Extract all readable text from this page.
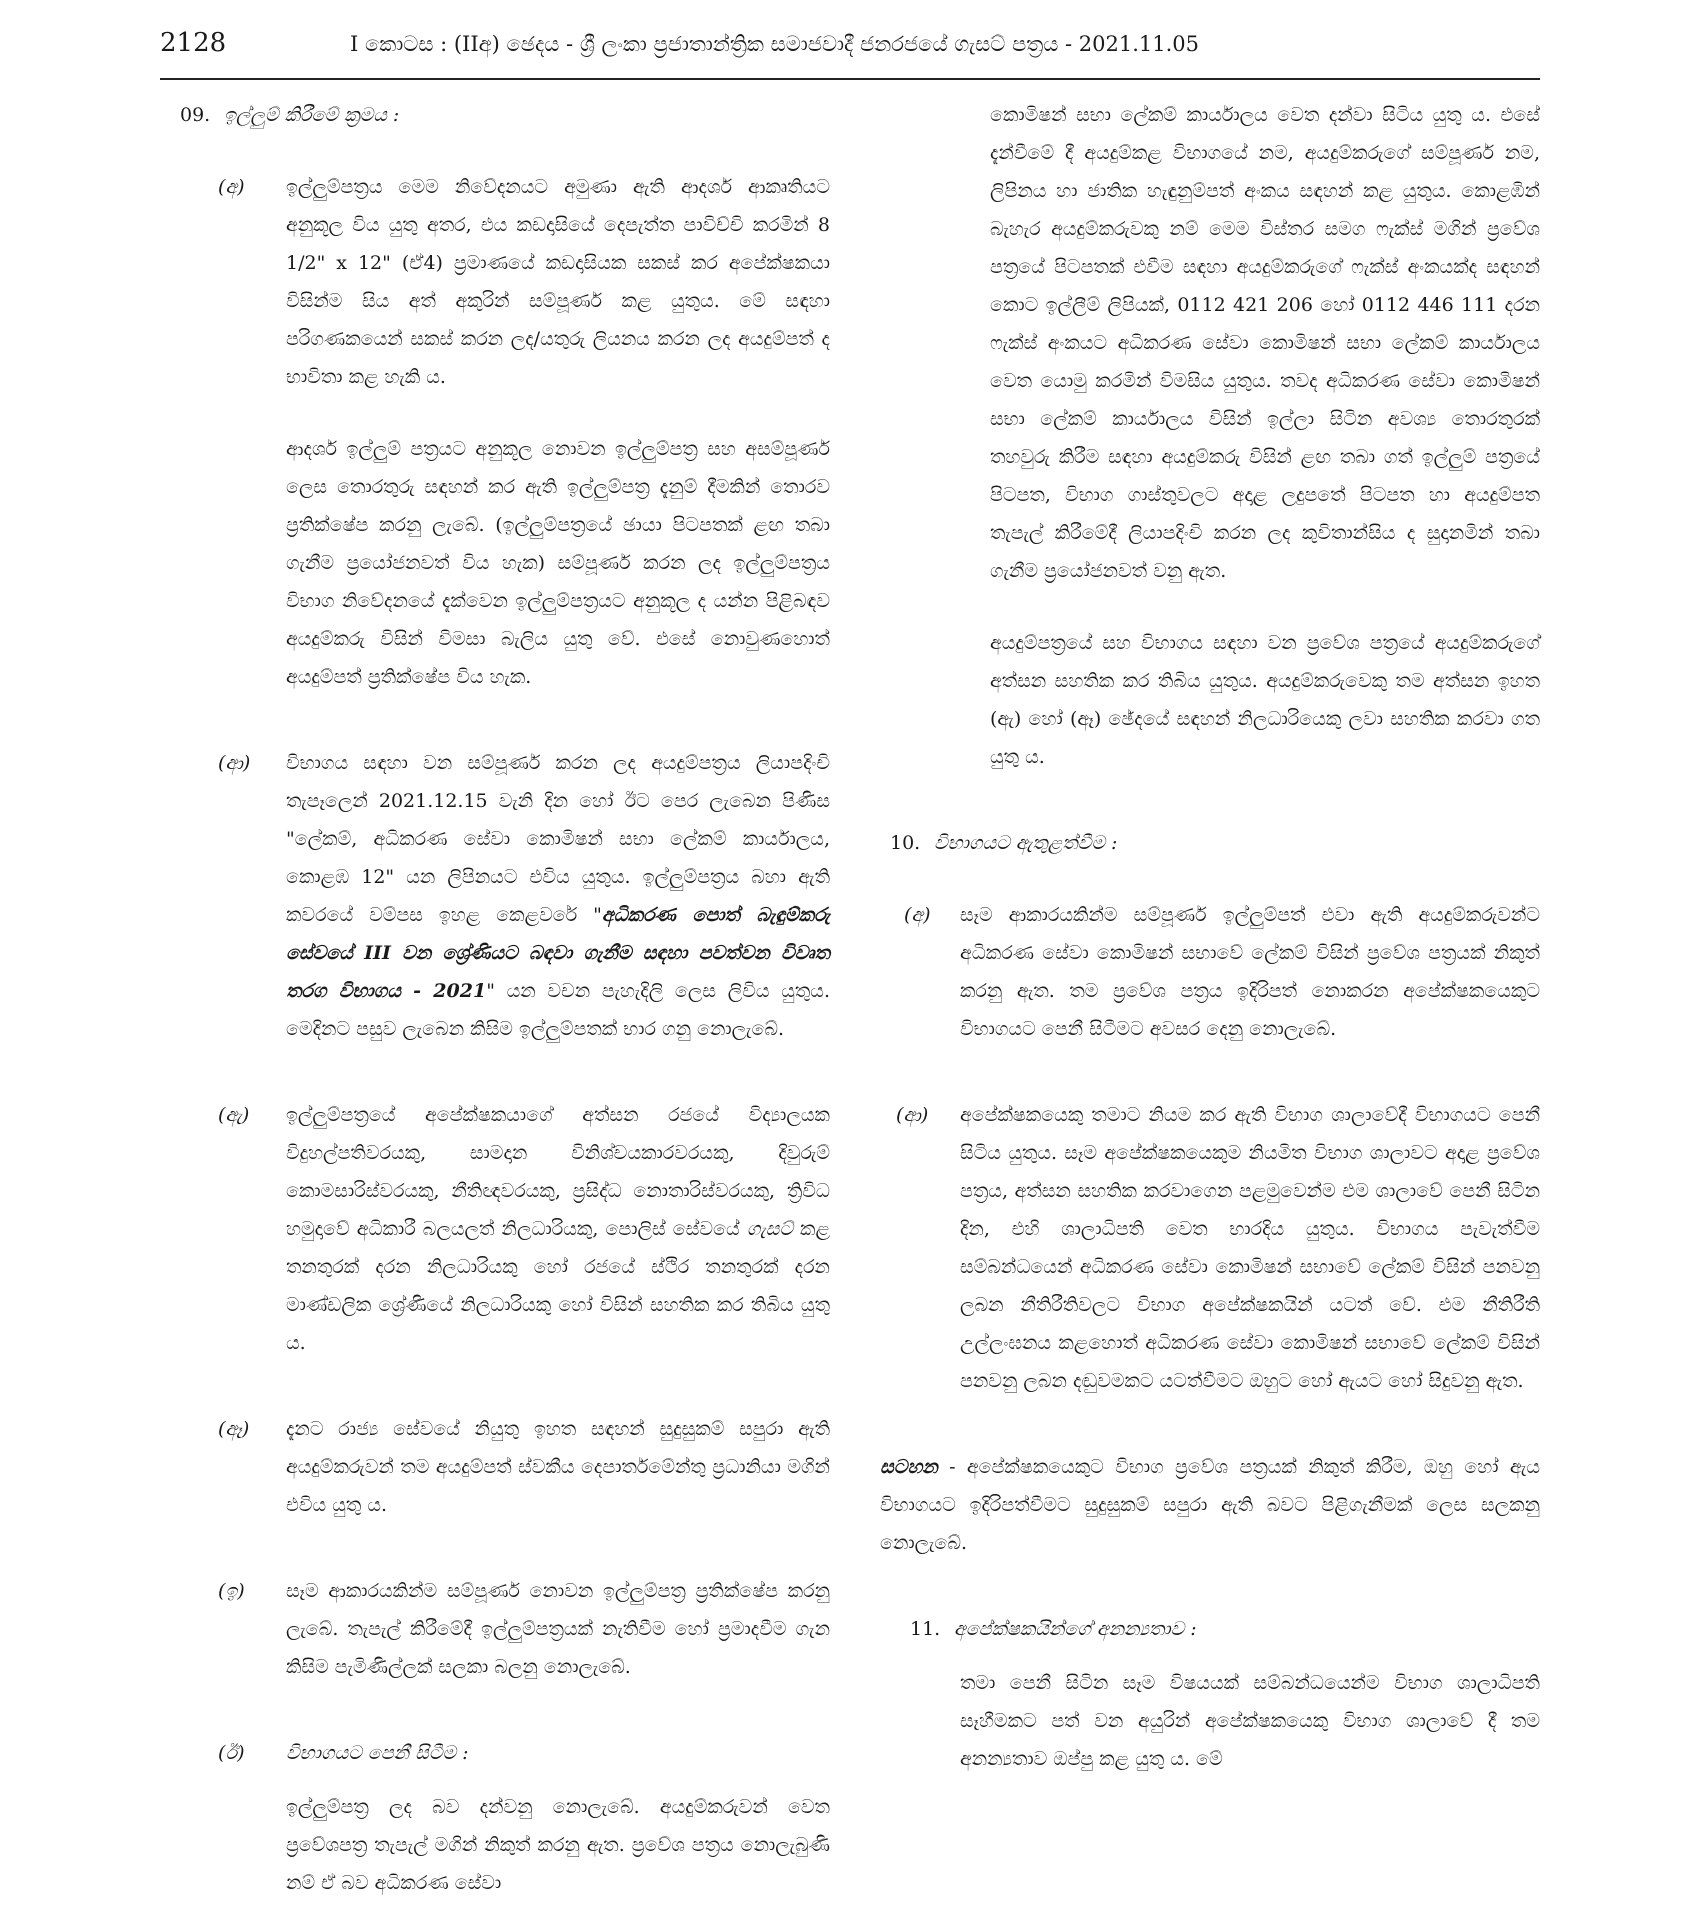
2128	I කොටස : (IIඅ) ඡෙදය - ශ්‍රී ලංකා ප්‍රජාතාන්ත්‍රික සමාජවාදී ජනරජයේ ගැසට් පත්‍රය - 2021.11.05

09. ඉල්ලුම් කිරීමේ ක්‍රමය :

(අ) ඉල්ලුම්පත්‍රය මෙම නිවේදනයට අමුණා ඇති ආදර්ශ ආකෘතියට අනුකූල විය යුතු අතර, එය කඩදාසියේ දෙපැත්ත පාවිච්චි කරමින් 8 1/2" x 12" (ඒ4) ප්‍රමාණයේ කඩදාසියක සකස් කර අපේක්ෂකයා විසින්ම සිය අත් අකුරින් සම්පූර්ණ කළ යුතුය. මේ සඳහා පරිගණකයෙන් සකස් කරන ලද/යතුරු ලියනය කරන ලද අයදුම්පත් ද භාවිතා කළ හැකි ය.

ආදර්ශ ඉල්ලුම් පත්‍රයට අනුකූල නොවන ඉල්ලුම්පත්‍ර සහ අසම්පූර්ණ ලෙස තොරතුරු සඳහන් කර ඇති ඉල්ලුම්පත්‍ර දැනුම් දීමකින් තොරව ප්‍රතික්ෂේප කරනු ලැබේ. (ඉල්ලුම්පත්‍රයේ ඡායා පිටපතක් ළඟ තබා ගැනීම ප්‍රයෝජනවත් විය හැක) සම්පූර්ණ කරන ලද ඉල්ලුම්පත්‍රය විභාග නිවේදනයේ දැක්වෙන ඉල්ලුම්පත්‍රයට අනුකූල ද යන්න පිළිබඳව අයදුම්කරු විසින් විමසා බැලිය යුතු වේ. එසේ නොවුණහොත් අයදුම්පත් ප්‍රතික්ෂේප විය හැක.

(ආ) විභාගය සඳහා වන සම්පූර්ණ කරන ලද අයදුම්පත්‍රය ලියාපදිංචි තැපෑලෙන් 2021.12.15 වැනි දින හෝ ඊට පෙර ලැබෙන පිණිස "ලේකම්, අධිකරණ සේවා කොමිෂන් සභා ලේකම් කාර්යාලය, කොළඹ 12" යන ලිපිනයට එවිය යුතුය. ඉල්ලුම්පත්‍රය බහා ඇති කවරයේ වම්පස ඉහළ කෙළවරේ "අධිකරණ පොත් බැඳුම්කරු සේවයේ III වන ශ්‍රේණියට බඳවා ගැනීම සඳහා පවත්වන විවෘත තරග විභාගය - 2021" යන වචන පැහැදිලි ලෙස ලිවිය යුතුය. මෙදිනට පසුව ලැබෙන කිසිම ඉල්ලුම්පතක් භාර ගනු නොලැබේ.

(ඇ) ඉල්ලුම්පත්‍රයේ අපේක්ෂකයාගේ අත්සන රජයේ විද්‍යාලයක විදුහල්පතිවරයකු, සාමදාන විනිශ්චයකාරවරයකු, දිවුරුම් කොමසාරිස්වරයකු, නීතිඥවරයකු, ප්‍රසිද්ධ නොතාරිස්වරයකු, ත්‍රිවිධ හමුදාවේ අධිකාරී බලයලත් නිලධාරියකු, පොලිස් සේවයේ ගැසට් කළ තනතුරක් දරන නිලධාරියකු හෝ රජයේ ස්ථිර තනතුරක් දරන මාණ්ඩලික ශ්‍රේණියේ නිලධාරියකු හෝ විසින් සහතික කර තිබිය යුතු ය.

(ඈ) දැනට රාජ්‍ය සේවයේ නියුතු ඉහත සඳහන් සුදුසුකම් සපුරා ඇති අයදුම්කරුවන් තම අයදුම්පත් ස්වකීය දෙපාර්තමේන්තු ප්‍රධානියා මගින් එවිය යුතු ය.

(ඉ) සෑම ආකාරයකින්ම සම්පූර්ණ නොවන ඉල්ලුම්පත්‍ර ප්‍රතික්ෂේප කරනු ලැබේ. තැපැල් කිරීමේදී ඉල්ලුම්පත්‍රයක් නැතිවීම හෝ ප්‍රමාදවීම ගැන කිසිම පැමිණිල්ලක් සලකා බලනු නොලැබේ.

(ඊ) විභාගයට පෙනී සිටීම :

ඉල්ලුම්පත්‍ර ලද බව දන්වනු නොලැබේ. අයදුම්කරුවන් වෙත ප්‍රවේශපත්‍ර තැපැල් මගින් නිකුත් කරනු ඇත. ප්‍රවේශ පත්‍රය නොලැබුණි නම් ඒ බව අධිකරණ සේවා

කොමිෂන් සභා ලේකම් කාර්යාලය වෙත දන්වා සිටිය යුතු ය. එසේ දැන්වීමේ දී අයදුම්කළ විභාගයේ නම, අයදුම්කරුගේ සම්පූර්ණ නම, ලිපිනය හා ජාතික හැඳුනුම්පත් අංකය සඳහන් කළ යුතුය. කොළඹින් බැහැර අයදුම්කරුවකු නම් මෙම විස්තර සමග ෆැක්ස් මගින් ප්‍රවේශ පත්‍රයේ පිටපතක් එවීම සඳහා අයදුම්කරුගේ ෆැක්ස් අංකයක්ද සඳහන් කොට ඉල්ලීම් ලිපියක්, 0112 421 206 හෝ 0112 446 111 දරන ෆැක්ස් අංකයට අධිකරණ සේවා කොමිෂන් සභා ලේකම් කාර්යාලය වෙත යොමු කරමින් විමසිය යුතුය. තවද අධිකරණ සේවා කොමිෂන් සභා ලේකම් කාර්යාලය විසින් ඉල්ලා සිටින අවශ්‍ය තොරතුරක් තහවුරු කිරීම සඳහා අයදුම්කරු විසින් ළඟ තබා ගත් ඉල්ලුම් පත්‍රයේ පිටපත, විභාග ගාස්තුවලට අදාළ ලදුපතේ පිටපත හා අයදුම්පත තැපැල් කිරීමේදී ලියාපදිංචි කරන ලද කුවිතාන්සිය ද සුදානමින් තබා ගැනීම ප්‍රයෝජනවත් වනු ඇත.

අයදුම්පත්‍රයේ සහ විභාගය සඳහා වන ප්‍රවේශ පත්‍රයේ අයදුම්කරුගේ අත්සන සහතික කර තිබිය යුතුය. අයදුම්කරුවෙකු තම අත්සන ඉහත (ඇ) හෝ (ඈ) ඡේදයේ සඳහන් නිලධාරියෙකු ලවා සහතික කරවා ගත යුතු ය.

10. විභාගයට ඇතුළත්වීම :

(අ) සෑම ආකාරයකින්ම සම්පූර්ණ ඉල්ලුම්පත් එවා ඇති අයදුම්කරුවන්ට අධිකරණ සේවා කොමිෂන් සභාවේ ලේකම් විසින් ප්‍රවේශ පත්‍රයක් නිකුත් කරනු ඇත. තම ප්‍රවේශ පත්‍රය ඉදිරිපත් නොකරන අපේක්ෂකයෙකුට විභාගයට පෙනී සිටීමට අවසර දෙනු නොලැබේ.

(ආ) අපේක්ෂකයෙකු තමාට නියම කර ඇති විභාග ශාලාවේදී විභාගයට පෙනී සිටිය යුතුය. සෑම අපේක්ෂකයෙකුම නියමිත විභාග ශාලාවට අදාළ ප්‍රවේශ පත්‍රය, අත්සන සහතික කරවාගෙන පළමුවෙන්ම එම ශාලාවේ පෙනී සිටින දින, එහි ශාලාධිපති වෙත භාරදිය යුතුය. විභාගය පැවැත්වීම සම්බන්ධයෙන් අධිකරණ සේවා කොමිෂන් සභාවේ ලේකම් විසින් පනවනු ලබන නීතිරීතිවලට විභාග අපේක්ෂකයින් යටත් වේ. එම නීතිරීති උල්ලංඝනය කළහොත් අධිකරණ සේවා කොමිෂන් සභාවේ ලේකම් විසින් පනවනු ලබන දඬුවමකට යටත්වීමට ඔහුට හෝ ඇයට හෝ සිදුවනු ඇත.

සටහන - අපේක්ෂකයෙකුට විභාග ප්‍රවේශ පත්‍රයක් නිකුත් කිරීම, ඔහු හෝ ඇය විභාගයට ඉදිරිපත්වීමට සුදුසුකම් සපුරා ඇති බවට පිළිගැනීමක් ලෙස සලකනු නොලැබේ.

11. අපේක්ෂකයින්ගේ අනන්‍යතාව :

තමා පෙනී සිටින සෑම විෂයයක් සම්බන්ධයෙන්ම විභාග ශාලාධිපති සෑහීමකට පත් වන අයුරින් අපේක්ෂකයෙකු විභාග ශාලාවේ දී තම අනන්‍යතාව ඔප්පු කළ යුතු ය. මේ
